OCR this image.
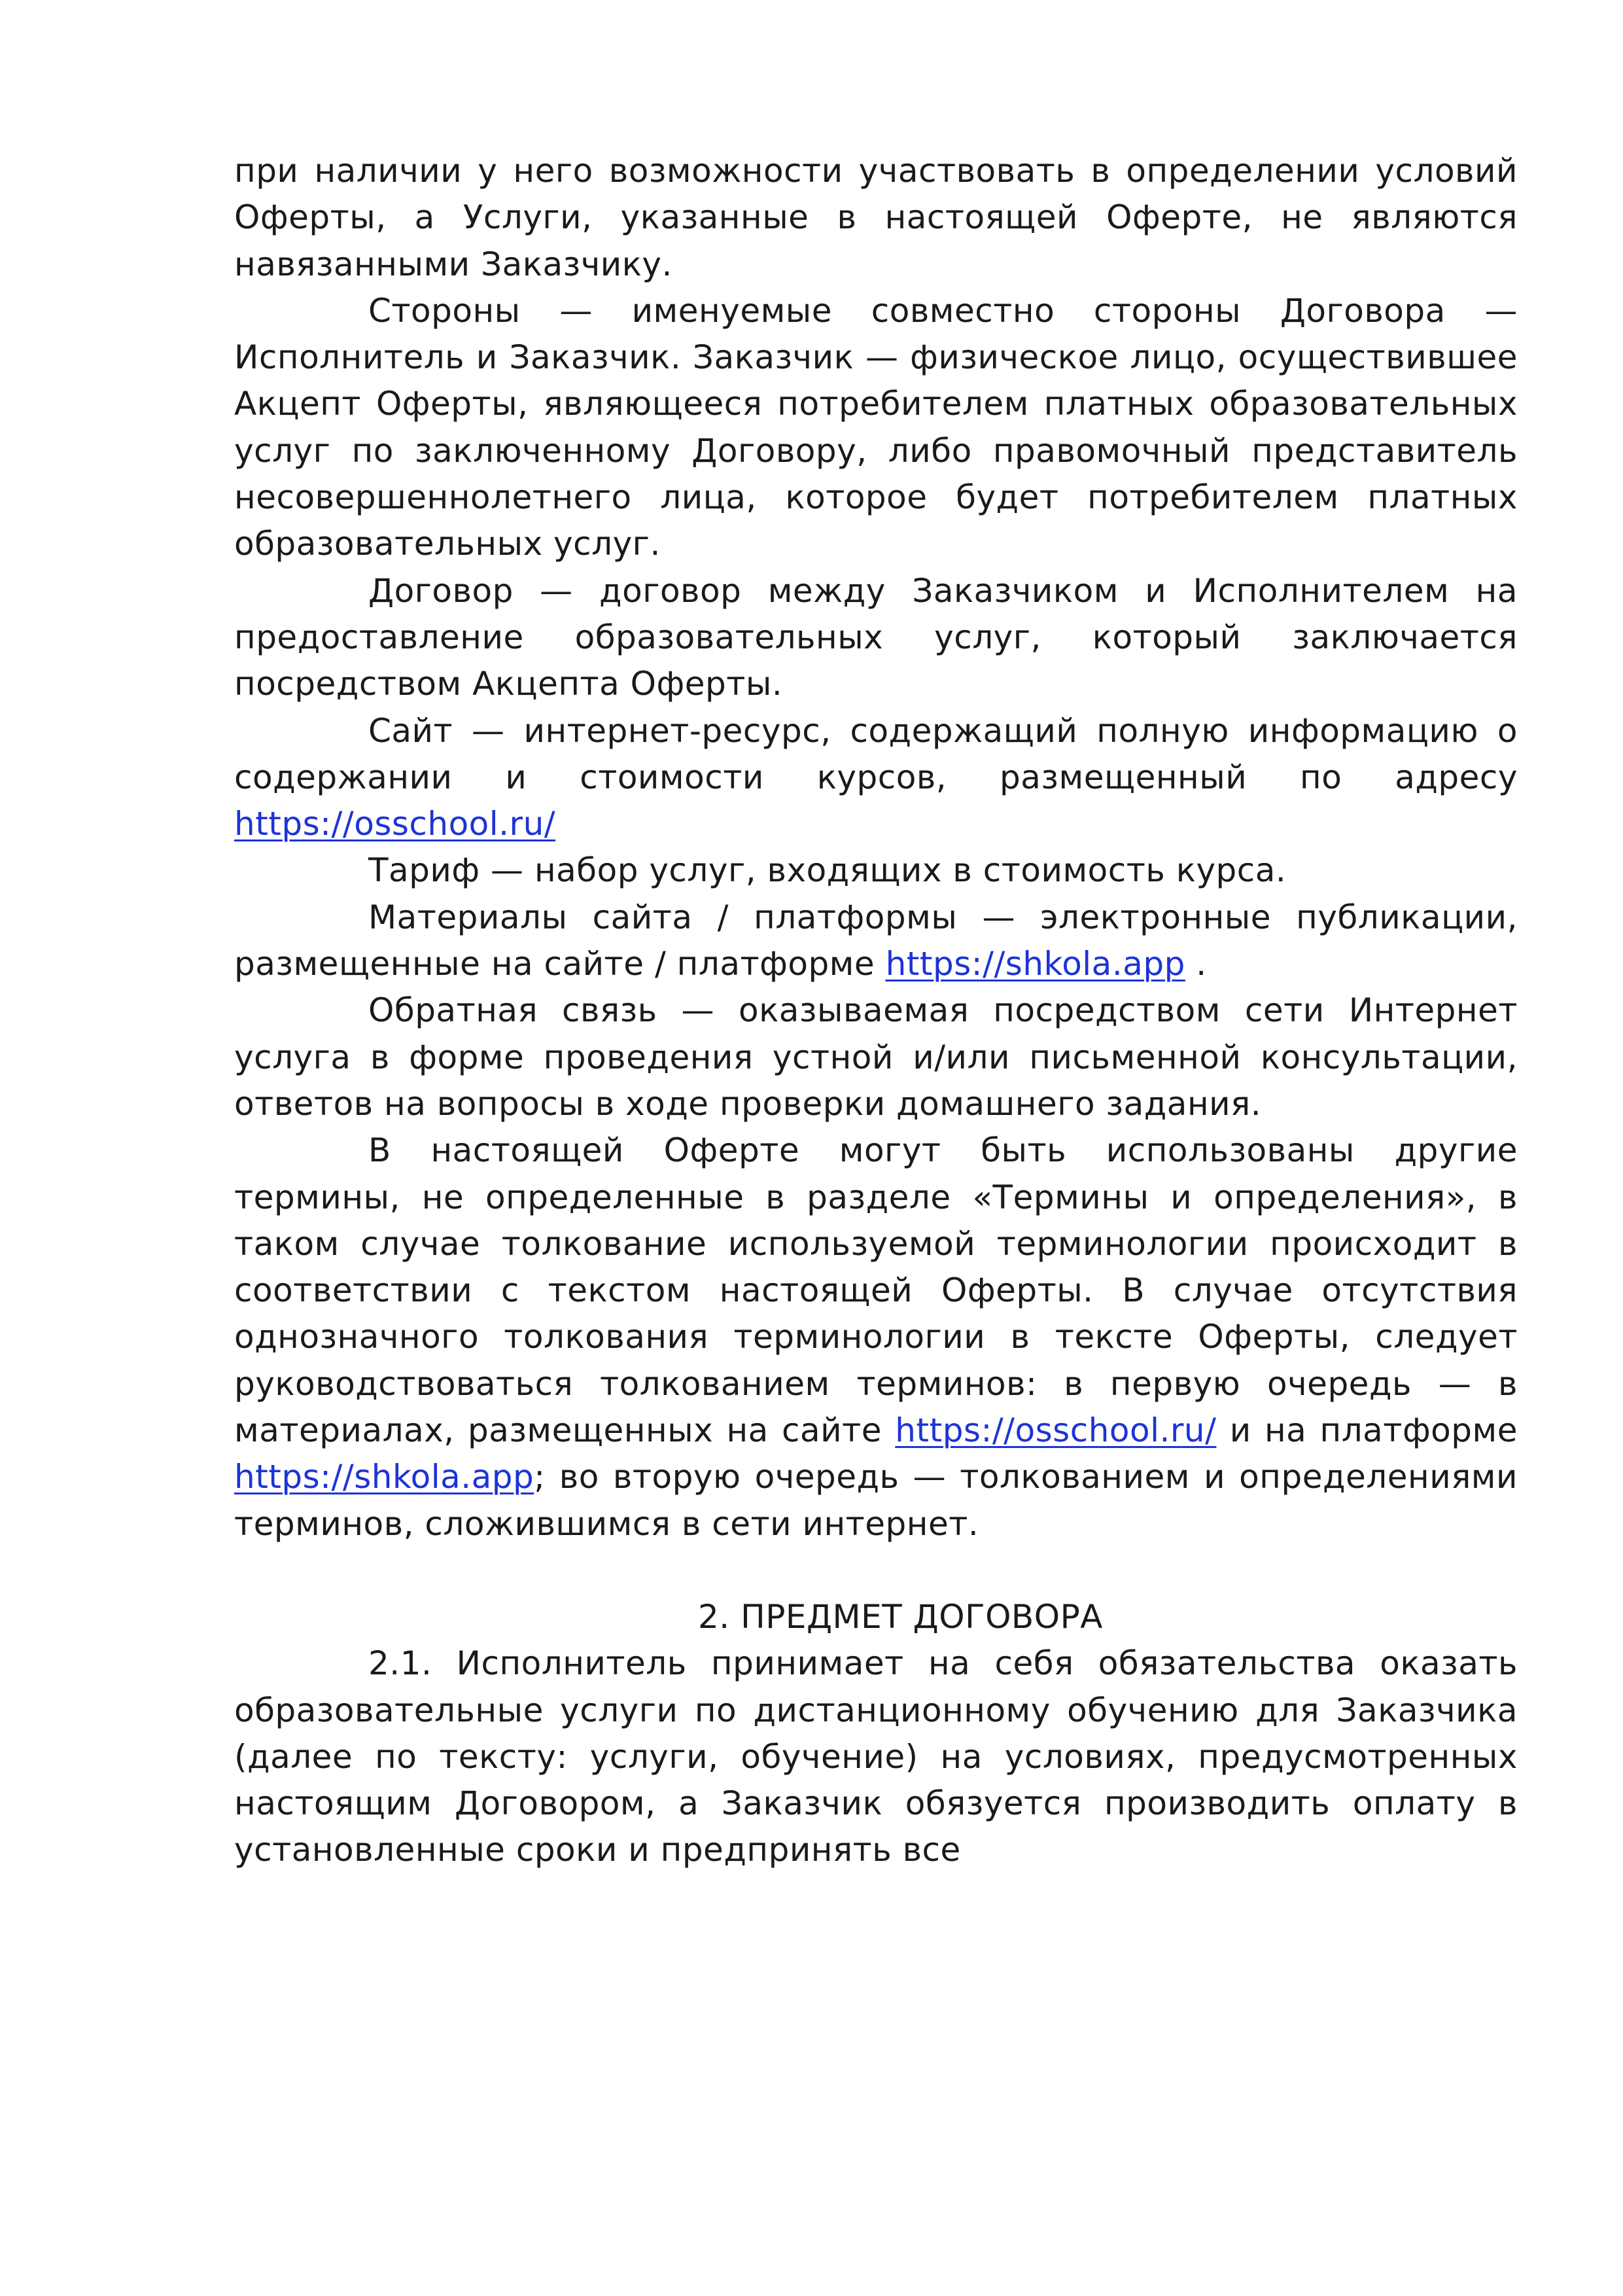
при наличии у него возможности участвовать в определении условий Оферты, а Услуги, указанные в настоящей Оферте, не являются навязанными Заказчику.

Стороны — именуемые совместно стороны Договора — Исполнитель и Заказчик. Заказчик — физическое лицо, осуществившее Акцепт Оферты, являющееся потребителем платных образовательных услуг по заключенному Договору, либо правомочный представитель несовершеннолетнего лица, которое будет потребителем платных образовательных услуг.

Договор — договор между Заказчиком и Исполнителем на предоставление образовательных услуг, который заключается посредством Акцепта Оферты.

Сайт — интернет-ресурс, содержащий полную информацию о содержании и стоимости курсов, размещенный по адресу https://osschool.ru/

Тариф — набор услуг, входящих в стоимость курса.

Материалы сайта / платформы — электронные публикации, размещенные на сайте / платформе https://shkola.app .

Обратная связь — оказываемая посредством сети Интернет услуга в форме проведения устной и/или письменной консультации, ответов на вопросы в ходе проверки домашнего задания.

В настоящей Оферте могут быть использованы другие термины, не определенные в разделе «Термины и определения», в таком случае толкование используемой терминологии происходит в соответствии с текстом настоящей Оферты. В случае отсутствия однозначного толкования терминологии в тексте Оферты, следует руководствоваться толкованием терминов: в первую очередь — в материалах, размещенных на сайте https://osschool.ru/ и на платформе https://shkola.app; во вторую очередь — толкованием и определениями терминов, сложившимся в сети интернет.

2. ПРЕДМЕТ ДОГОВОРА

2.1. Исполнитель принимает на себя обязательства оказать образовательные услуги по дистанционному обучению для Заказчика (далее по тексту: услуги, обучение) на условиях, предусмотренных настоящим Договором, а Заказчик обязуется производить оплату в установленные сроки и предпринять все
